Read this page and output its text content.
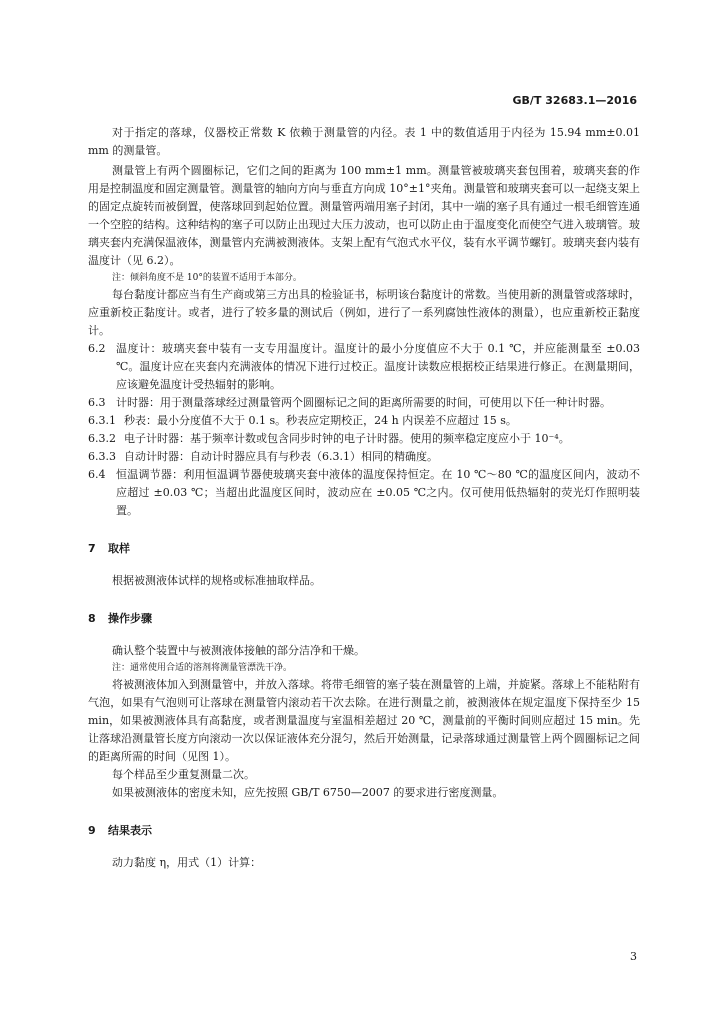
GB/T 32683.1—2016
对于指定的落球，仪器校正常数 K 依赖于测量管的内径。表 1 中的数值适用于内径为 15.94 mm±0.01 mm 的测量管。
测量管上有两个圆圈标记，它们之间的距离为 100 mm±1 mm。测量管被玻璃夹套包围着，玻璃夹套的作用是控制温度和固定测量管。测量管的轴向方向与垂直方向成 10°±1°夹角。测量管和玻璃夹套可以一起绕支架上的固定点旋转而被倒置，使落球回到起始位置。测量管两端用塞子封闭，其中一端的塞子具有通过一根毛细管连通一个空腔的结构。这种结构的塞子可以防止出现过大压力波动，也可以防止由于温度变化而使空气进入玻璃管。玻璃夹套内充满保温液体，测量管内充满被测液体。支架上配有气泡式水平仪，装有水平调节螺钉。玻璃夹套内装有温度计（见 6.2）。
注：倾斜角度不是 10°的装置不适用于本部分。
每台黏度计都应当有生产商或第三方出具的检验证书，标明该台黏度计的常数。当使用新的测量管或落球时，应重新校正黏度计。或者，进行了较多量的测试后（例如，进行了一系列腐蚀性液体的测量），也应重新校正黏度计。
6.2 温度计：玻璃夹套中装有一支专用温度计。温度计的最小分度值应不大于 0.1 ℃，并应能测量至 ±0.03 ℃。温度计应在夹套内充满液体的情况下进行过校正。温度计读数应根据校正结果进行修正。在测量期间，应该避免温度计受热辐射的影响。
6.3 计时器：用于测量落球经过测量管两个圆圈标记之间的距离所需要的时间，可使用以下任一种计时器。
6.3.1 秒表：最小分度值不大于 0.1 s。秒表应定期校正，24 h 内误差不应超过 15 s。
6.3.2 电子计时器：基于频率计数或包含同步时钟的电子计时器。使用的频率稳定度应小于 10⁻⁴。
6.3.3 自动计时器：自动计时器应具有与秒表（6.3.1）相同的精确度。
6.4 恒温调节器：利用恒温调节器使玻璃夹套中液体的温度保持恒定。在 10 ℃～80 ℃的温度区间内，波动不应超过 ±0.03 ℃；当超出此温度区间时，波动应在 ±0.05 ℃之内。仅可使用低热辐射的荧光灯作照明装置。
7	取样
根据被测液体试样的规格或标准抽取样品。
8	操作步骤
确认整个装置中与被测液体接触的部分洁净和干燥。
注：通常使用合适的溶剂将测量管漂洗干净。
将被测液体加入到测量管中，并放入落球。将带毛细管的塞子装在测量管的上端，并旋紧。落球上不能粘附有气泡，如果有气泡则可让落球在测量管内滚动若干次去除。在进行测量之前，被测液体在规定温度下保持至少 15 min，如果被测液体具有高黏度，或者测量温度与室温相差超过 20 ℃，测量前的平衡时间则应超过 15 min。先让落球沿测量管长度方向滚动一次以保证液体充分混匀，然后开始测量，记录落球通过测量管上两个圆圈标记之间的距离所需的时间（见图 1）。
每个样品至少重复测量二次。
如果被测液体的密度未知，应先按照 GB/T 6750—2007 的要求进行密度测量。
9	结果表示
动力黏度 η，用式（1）计算：
3
